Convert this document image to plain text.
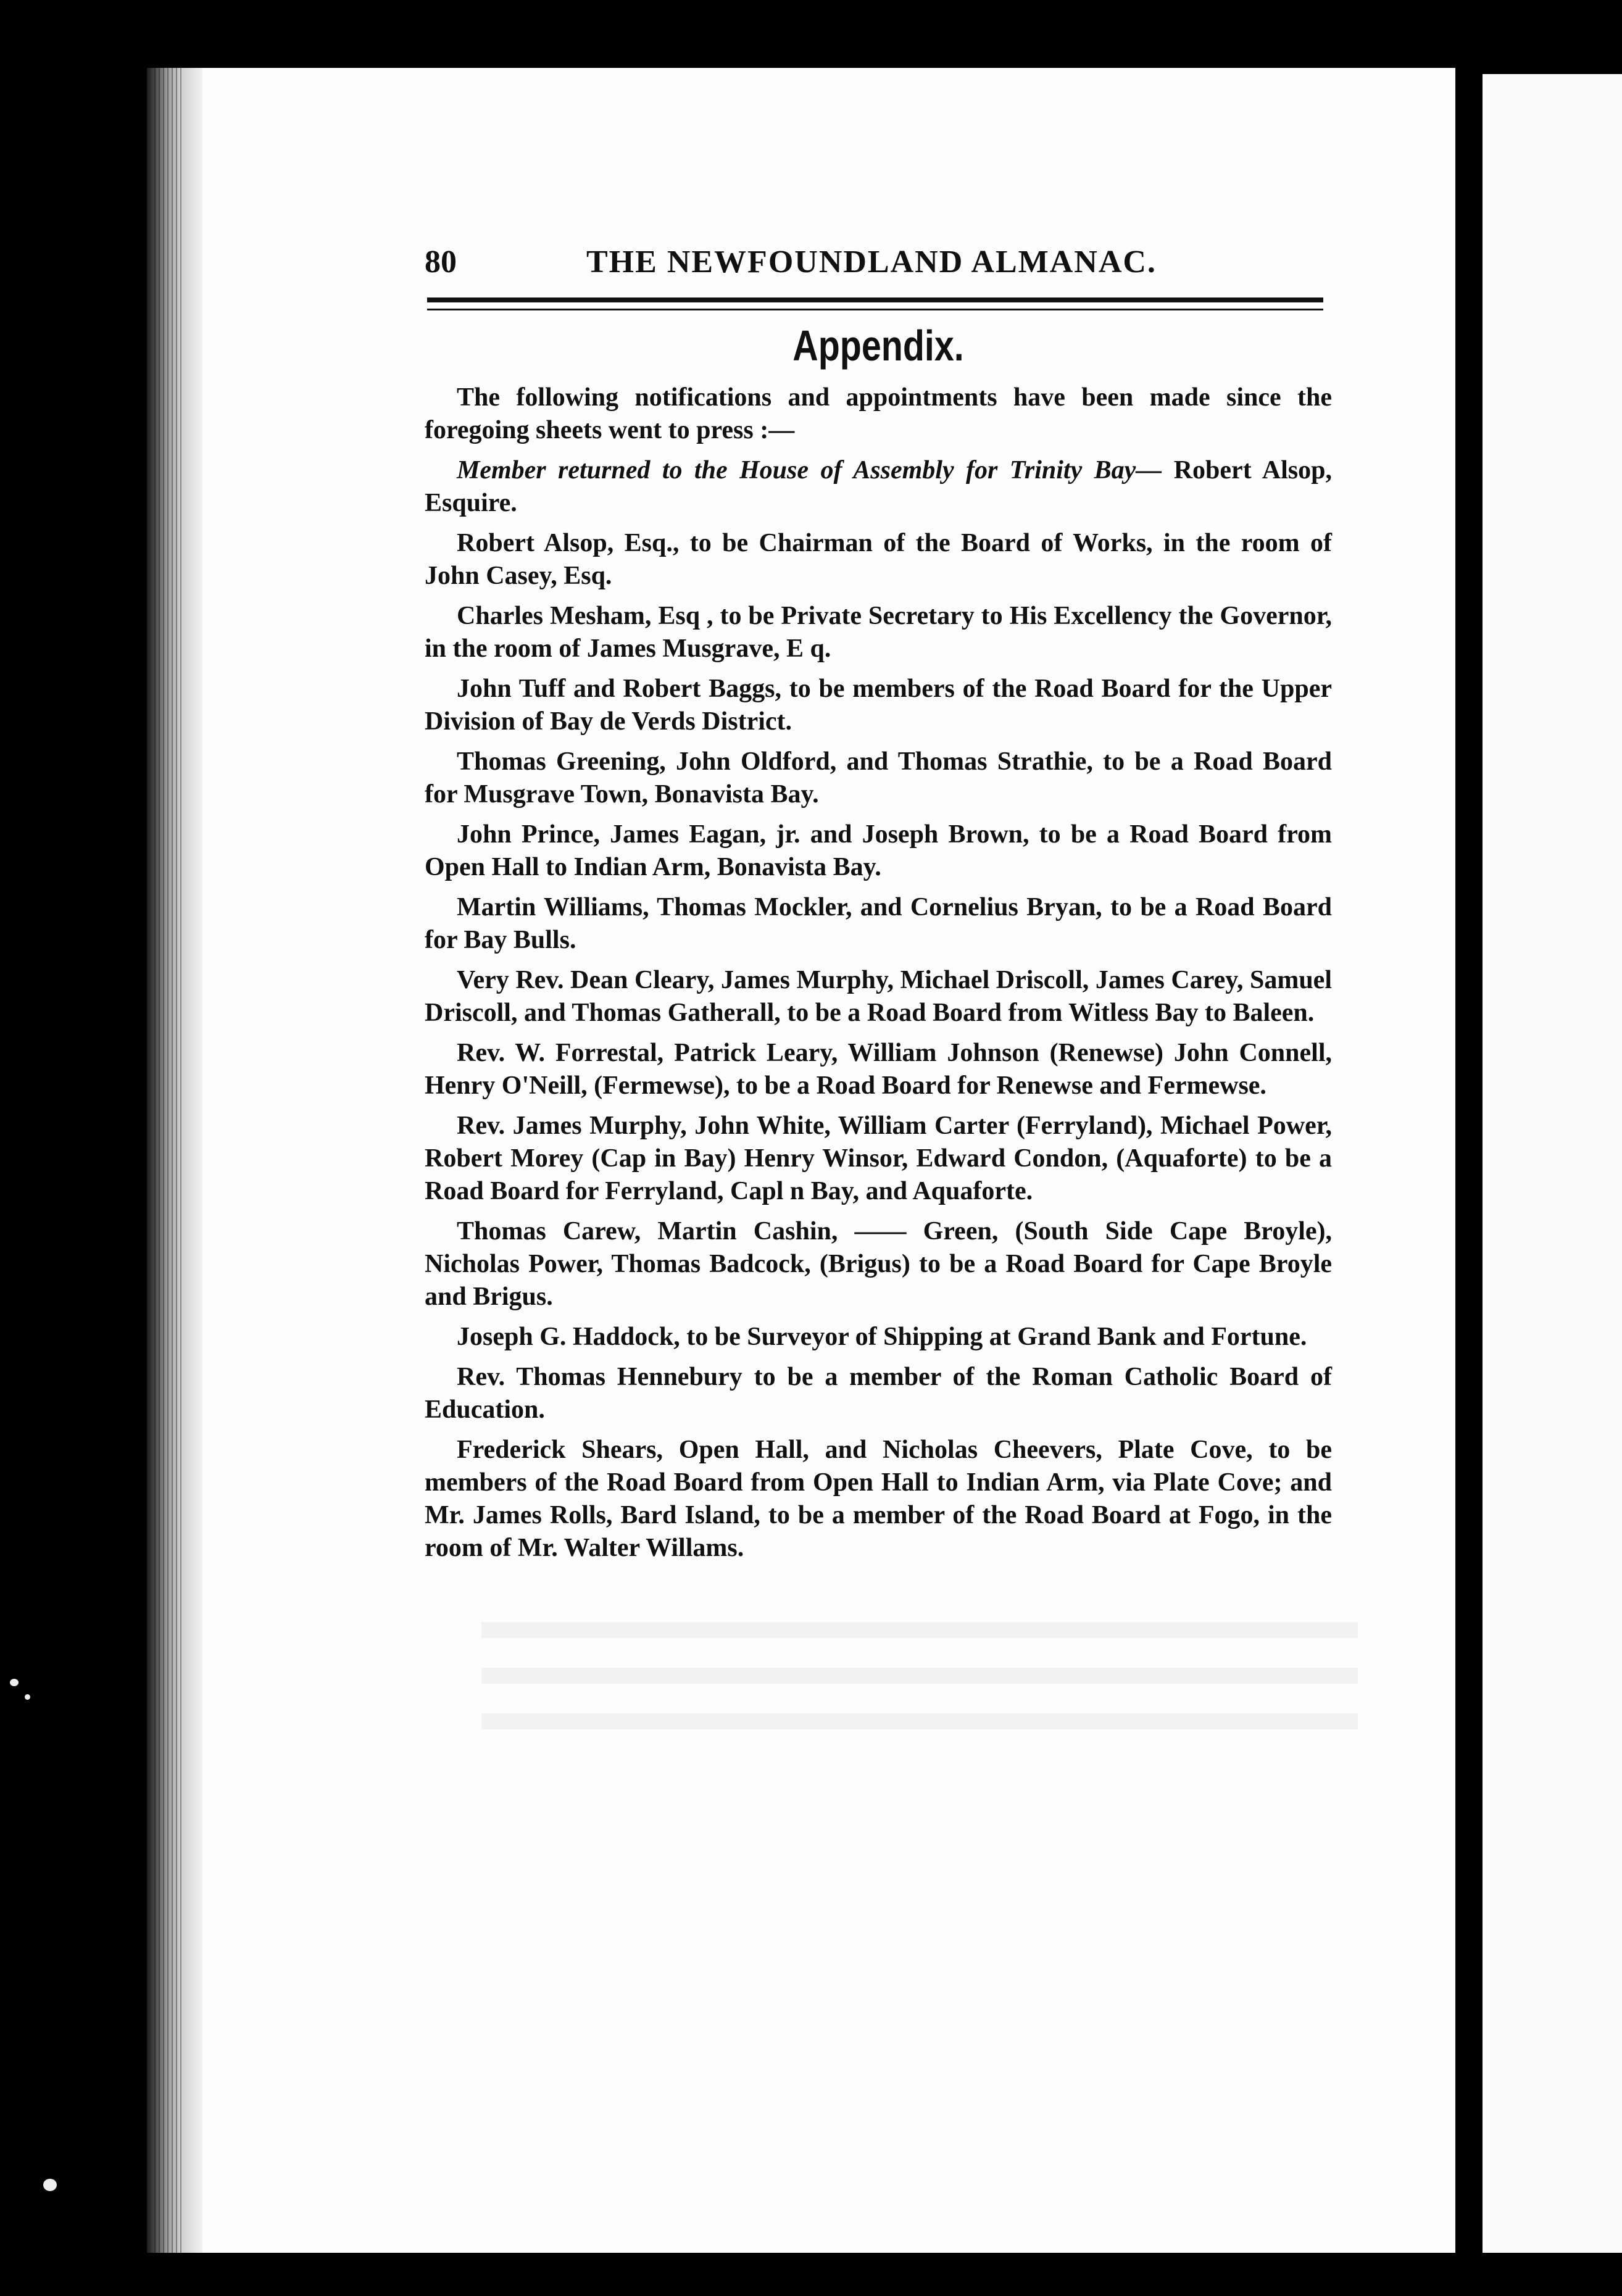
80	THE NEWFOUNDLAND ALMANAC.
Appendix.

The following notifications and appointments have been made since the foregoing sheets went to press :—

Member returned to the House of Assembly for Trinity Bay— Robert Alsop, Esquire.

Robert Alsop, Esq., to be Chairman of the Board of Works, in the room of John Casey, Esq.

Charles Mesham, Esq , to be Private Secretary to His Excellency the Governor, in the room of James Musgrave, E q.

John Tuff and Robert Baggs, to be members of the Road Board for the Upper Division of Bay de Verds District.

Thomas Greening, John Oldford, and Thomas Strathie, to be a Road Board for Musgrave Town, Bonavista Bay.

John Prince, James Eagan, jr. and Joseph Brown, to be a Road Board from Open Hall to Indian Arm, Bonavista Bay.

Martin Williams, Thomas Mockler, and Cornelius Bryan, to be a Road Board for Bay Bulls.

Very Rev. Dean Cleary, James Murphy, Michael Driscoll, James Carey, Samuel Driscoll, and Thomas Gatherall, to be a Road Board from Witless Bay to Baleen.

Rev. W. Forrestal, Patrick Leary, William Johnson (Renewse) John Connell, Henry O'Neill, (Fermewse), to be a Road Board for Renewse and Fermewse.

Rev. James Murphy, John White, William Carter (Ferryland), Michael Power, Robert Morey (Cap in Bay) Henry Winsor, Edward Condon, (Aquaforte) to be a Road Board for Ferryland, Capl n Bay, and Aquaforte.

Thomas Carew, Martin Cashin, —— Green, (South Side Cape Broyle), Nicholas Power, Thomas Badcock, (Brigus) to be a Road Board for Cape Broyle and Brigus.

Joseph G. Haddock, to be Surveyor of Shipping at Grand Bank and Fortune.

Rev. Thomas Hennebury to be a member of the Roman Catholic Board of Education.

Frederick Shears, Open Hall, and Nicholas Cheevers, Plate Cove, to be members of the Road Board from Open Hall to Indian Arm, via Plate Cove; and Mr. James Rolls, Bard Island, to be a member of the Road Board at Fogo, in the room of Mr. Walter Willams.
